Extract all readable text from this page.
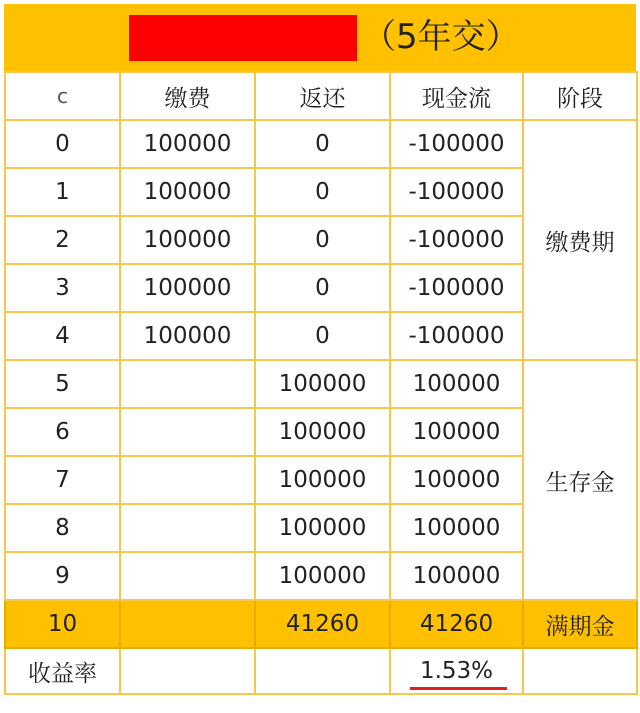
（5年交）
c	缴费	返还	现金流	阶段
0	100000	0	-100000	缴费期
1	100000	0	-100000	
2	100000	0	-100000	
3	100000	0	-100000	
4	100000	0	-100000	
5		100000	100000	生存金
6		100000	100000	
7		100000	100000	
8		100000	100000	
9		100000	100000	
10		41260	41260	满期金
收益率			1.53%
